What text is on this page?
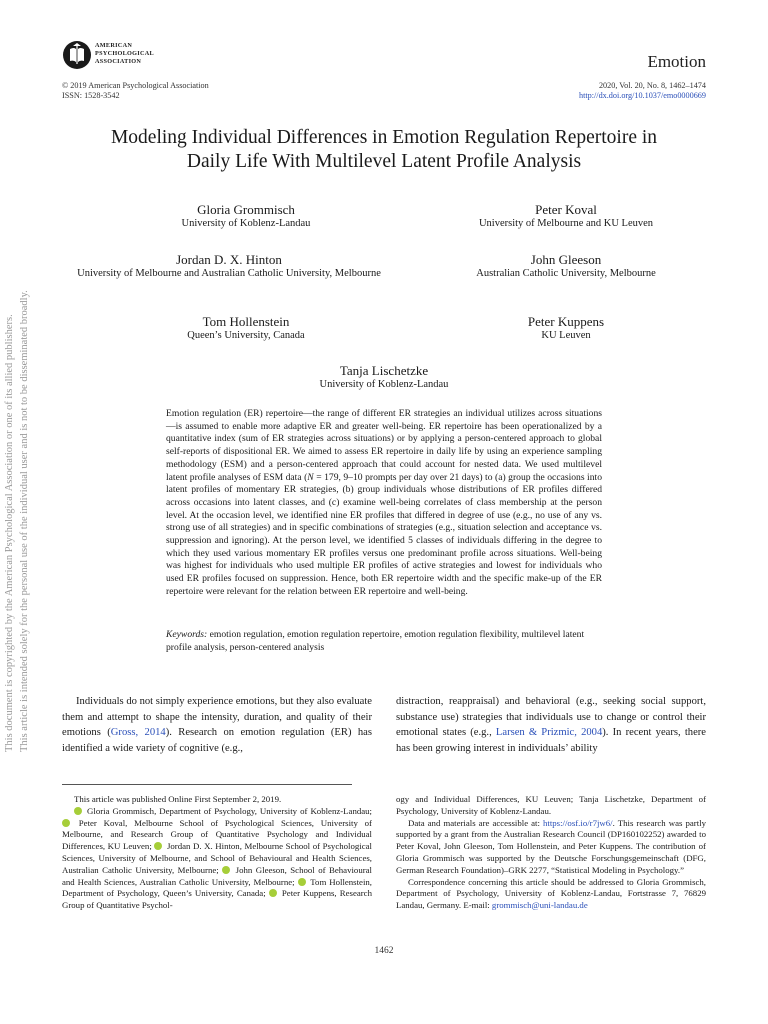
This document is copyrighted by the American Psychological Association or one of its allied publishers. This article is intended solely for the personal use of the individual user and is not to be disseminated broadly.
AMERICAN
PSYCHOLOGICAL
ASSOCIATION	Emotion
© 2019 American Psychological Association
ISSN: 1528-3542
2020, Vol. 20, No. 8, 1462–1474
http://dx.doi.org/10.1037/emo0000669
Modeling Individual Differences in Emotion Regulation Repertoire in
Daily Life With Multilevel Latent Profile Analysis
Gloria Grommisch
University of Koblenz-Landau
Peter Koval
University of Melbourne and KU Leuven
Jordan D. X. Hinton
University of Melbourne and Australian Catholic University, Melbourne
John Gleeson
Australian Catholic University, Melbourne
Tom Hollenstein
Queen’s University, Canada
Peter Kuppens
KU Leuven
Tanja Lischetzke
University of Koblenz-Landau
Emotion regulation (ER) repertoire—the range of different ER strategies an individual utilizes across situations—is assumed to enable more adaptive ER and greater well-being. ER repertoire has been operationalized by a quantitative index (sum of ER strategies across situations) or by applying a person-centered approach to global self-reports of dispositional ER. We aimed to assess ER repertoire in daily life by using an experience sampling methodology (ESM) and a person-centered approach that could account for nested data. We used multilevel latent profile analyses of ESM data (N = 179, 9–10 prompts per day over 21 days) to (a) group the occasions into latent profiles of momentary ER strategies, (b) group individuals whose distributions of ER profiles differed across occasions into latent classes, and (c) examine well-being correlates of class membership at the person level. At the occasion level, we identified nine ER profiles that differed in degree of use (e.g., no use of any vs. strong use of all strategies) and in specific combinations of strategies (e.g., situation selection and acceptance vs. suppression and ignoring). At the person level, we identified 5 classes of individuals differing in the degree to which they used various momentary ER profiles versus one predominant profile across situations. Well-being was highest for individuals who used multiple ER profiles of active strategies and lowest for individuals who used ER profiles focused on suppression. Hence, both ER repertoire width and the specific make-up of the ER repertoire were relevant for the relation between ER repertoire and well-being.
Keywords: emotion regulation, emotion regulation repertoire, emotion regulation flexibility, multilevel latent profile analysis, person-centered analysis
Individuals do not simply experience emotions, but they also evaluate them and attempt to shape the intensity, duration, and quality of their emotions (Gross, 2014). Research on emotion regulation (ER) has identified a wide variety of cognitive (e.g.,
distraction, reappraisal) and behavioral (e.g., seeking social support, substance use) strategies that individuals use to change or control their emotional states (e.g., Larsen & Prizmic, 2004). In recent years, there has been growing interest in individuals’ ability

This article was published Online First September 2, 2019.

Gloria Grommisch, Department of Psychology, University of Koblenz-Landau;  Peter Koval, Melbourne School of Psychological Sciences, University of Melbourne, and Research Group of Quantitative Psychology and Individual Differences, KU Leuven;  Jordan D. X. Hinton, Melbourne School of Psychological Sciences, University of Melbourne, and School of Behavioural and Health Sciences, Australian Catholic University, Melbourne;  John Gleeson, School of Behavioural and Health Sciences, Australian Catholic University, Melbourne;  Tom Hollenstein, Department of Psychology, Queen’s University, Canada;  Peter Kuppens, Research Group of Quantitative Psychol-

ogy and Individual Differences, KU Leuven; Tanja Lischetzke, Department of Psychology, University of Koblenz-Landau.

Data and materials are accessible at: https://osf.io/r7jw6/. This research was partly supported by a grant from the Australian Research Council (DP160102252) awarded to Peter Koval, John Gleeson, Tom Hollenstein, and Peter Kuppens. The contribution of Gloria Grommisch was supported by the Deutsche Forschungsgemeinschaft (DFG, German Research Foundation)–GRK 2277, “Statistical Modeling in Psychology.”

Correspondence concerning this article should be addressed to Gloria Grommisch, Department of Psychology, University of Koblenz-Landau, Fortstrasse 7, 76829 Landau, Germany. E-mail: grommisch@uni-landau.de

1462
